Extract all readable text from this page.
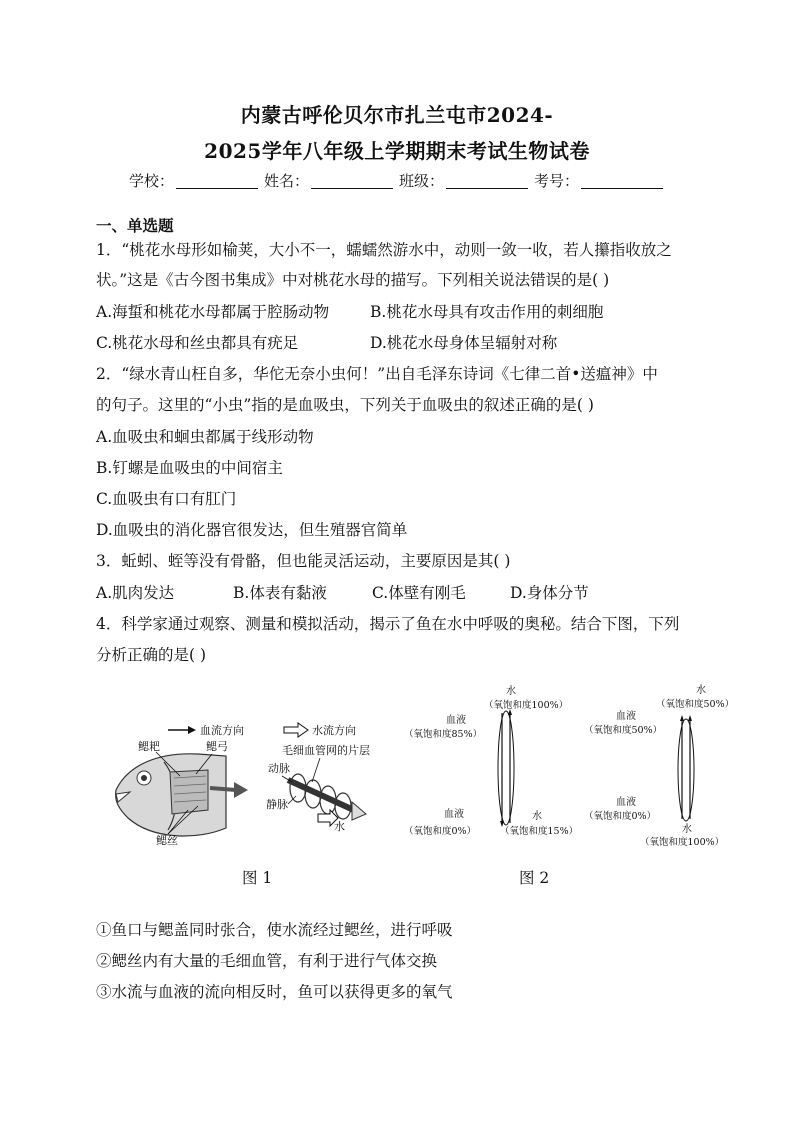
内蒙古呼伦贝尔市扎兰屯市2024-
2025学年八年级上学期期末考试生物试卷
学校：	姓名：	班级：	考号：
一、单选题
1．“桃花水母形如榆荚，大小不一，蠕蠕然游水中，动则一敛一收，若人攥指收放之
状。”这是《古今图书集成》中对桃花水母的描写。下列相关说法错误的是( )
A.海蜇和桃花水母都属于腔肠动物	B.桃花水母具有攻击作用的刺细胞
C.桃花水母和丝虫都具有疣足	D.桃花水母身体呈辐射对称
2．“绿水青山枉自多，华佗无奈小虫何！”出自毛泽东诗词《七律二首•送瘟神》中
的句子。这里的“小虫”指的是血吸虫，下列关于血吸虫的叙述正确的是( )
A.血吸虫和蛔虫都属于线形动物
B.钉螺是血吸虫的中间宿主
C.血吸虫有口有肛门
D.血吸虫的消化器官很发达，但生殖器官简单
3．蚯蚓、蛭等没有骨骼，但也能灵活运动，主要原因是其( )
A.肌肉发达	B.体表有黏液	C.体壁有刚毛	D.身体分节
4．科学家通过观察、测量和模拟活动，揭示了鱼在水中呼吸的奥秘。结合下图，下列
分析正确的是( )
血流方向	水流方向
鳃耙	鳃弓
鳃丝
毛细血管网的片层
动脉
静脉
水
水
（氧饱和度100%）
血液
（氧饱和度85%）
血液
（氧饱和度0%）
水
（氧饱和度15%）
水
（氧饱和度50%）
血液
（氧饱和度50%）
血液
（氧饱和度0%）
水
（氧饱和度100%）
图 1	图 2
①鱼口与鳃盖同时张合，使水流经过鳃丝，进行呼吸
②鳃丝内有大量的毛细血管，有利于进行气体交换
③水流与血液的流向相反时，鱼可以获得更多的氧气
